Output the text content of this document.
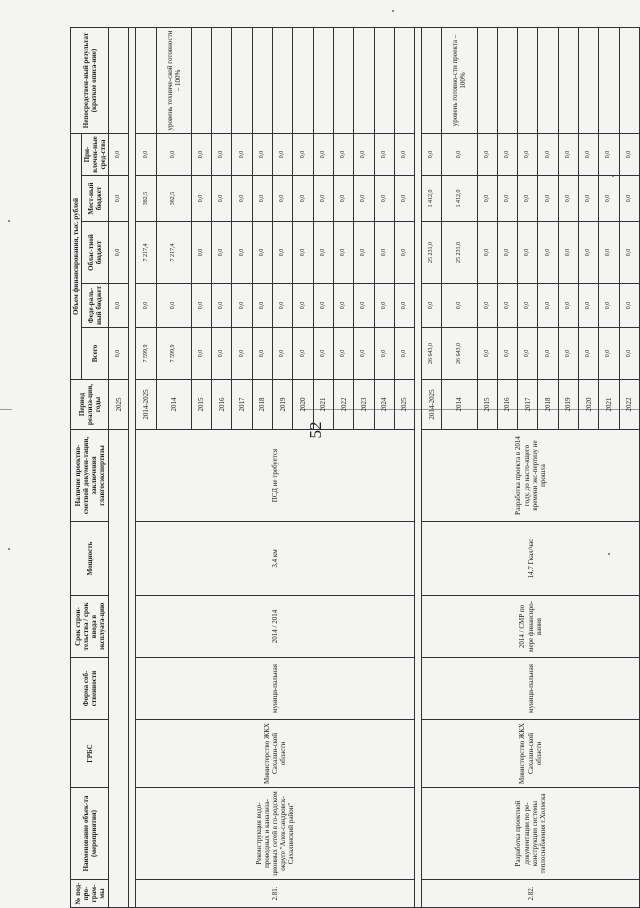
52
№ под-про-грам-мы	Наименование объек-та (мероприятия)	ГРБС	Форма соб-ственности	Срок строи-тельства / срок ввода в эксплуата-цию	Мощность	Наличие проектно-сметной докумен-тации, заключения главгосэкспертизы	Период реализа-ции, годы	Объем финансирования, тыс. рублей					Непосредствен-ный результат (краткое описа-ние)
								Всего	Феде-раль-ный бюджет	Облас-тной бюджет	Мест-ный бюджет	При-влечен-ные сред-ства	
							2025	0,0	0,0	0,0	0,0	0,0	

2.81.	Реконструкция водо-проводных и канализа-ционных сетей в го-родском округе "Алек-сандровск-Сахалинский район"	Министерство ЖКХ Сахалин-ской области	муници-пальная	2014 / 2014	3,4 км	ПСД не требуется	2014-2025	7 599,9	0,0	7 217,4	382,5	0,0	
							2014	7 599,9	0,0	7 217,4	382,5	0,0	уровень техниче-ской готовности – 100%
							2015	0,0	0,0	0,0	0,0	0,0	
							2016	0,0	0,0	0,0	0,0	0,0	
							2017	0,0	0,0	0,0	0,0	0,0	
							2018	0,0	0,0	0,0	0,0	0,0	
							2019	0,0	0,0	0,0	0,0	0,0	
							2020	0,0	0,0	0,0	0,0	0,0	
							2021	0,0	0,0	0,0	0,0	0,0	
							2022	0,0	0,0	0,0	0,0	0,0	
							2023	0,0	0,0	0,0	0,0	0,0	
							2024	0,0	0,0	0,0	0,0	0,0	
							2025	0,0	0,0	0,0	0,0	0,0	

2.82.	Разработка проектной документации по ре-конструкции системы теплоснабжения г.Холмска	Министерство ЖКХ Сахалин-ской области	муници-пальная	2014 / СМР по мере финансиро-вания	14,7 Гкал/час	Разработка проекта в 2014 году, до насто-ящего времени экс-пертизу не прошла	2014-2025	26 643,0	0,0	25 231,0	1 412,0	0,0	
							2014	26 643,0	0,0	25 231,0	1 412,0	0,0	уровень готовно-сти проекта – 100%
							2015	0,0	0,0	0,0	0,0	0,0	
							2016	0,0	0,0	0,0	0,0	0,0	
							2017	0,0	0,0	0,0	0,0	0,0	
							2018	0,0	0,0	0,0	0,0	0,0	
							2019	0,0	0,0	0,0	0,0	0,0	
							2020	0,0	0,0	0,0	0,0	0,0	
							2021	0,0	0,0	0,0	0,0	0,0	
							2022	0,0	0,0	0,0	0,0	0,0	
